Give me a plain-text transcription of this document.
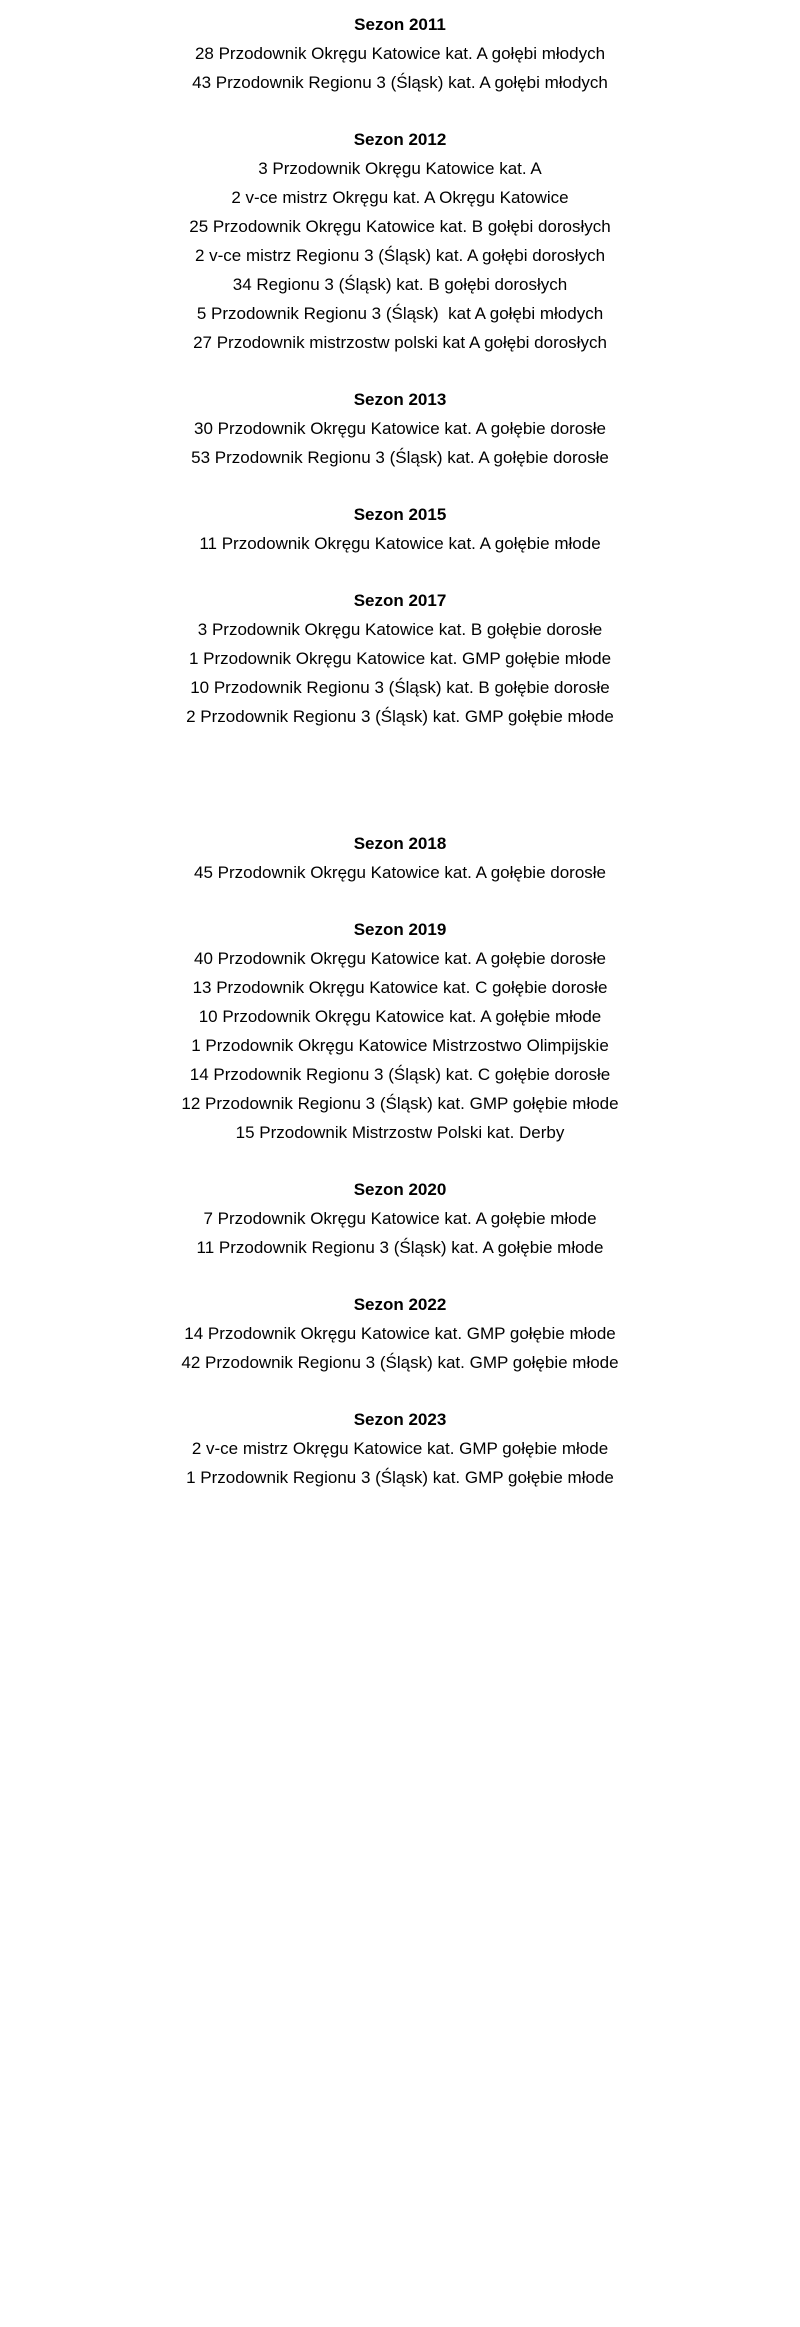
Sezon 2011

28 Przodownik Okręgu Katowice kat. A gołębi młodych

43 Przodownik Regionu 3 (Śląsk) kat. A gołębi młodych

Sezon 2012

3 Przodownik Okręgu Katowice kat. A

2 v-ce mistrz Okręgu kat. A Okręgu Katowice

25 Przodownik Okręgu Katowice kat. B gołębi dorosłych

2 v-ce mistrz Regionu 3 (Śląsk) kat. A gołębi dorosłych

34 Regionu 3 (Śląsk) kat. B gołębi dorosłych

5 Przodownik Regionu 3 (Śląsk)  kat A gołębi młodych

27 Przodownik mistrzostw polski kat A gołębi dorosłych

Sezon 2013

30 Przodownik Okręgu Katowice kat. A gołębie dorosłe

53 Przodownik Regionu 3 (Śląsk) kat. A gołębie dorosłe

Sezon 2015

11 Przodownik Okręgu Katowice kat. A gołębie młode

Sezon 2017

3 Przodownik Okręgu Katowice kat. B gołębie dorosłe

1 Przodownik Okręgu Katowice kat. GMP gołębie młode

10 Przodownik Regionu 3 (Śląsk) kat. B gołębie dorosłe

2 Przodownik Regionu 3 (Śląsk) kat. GMP gołębie młode

Sezon 2018

45 Przodownik Okręgu Katowice kat. A gołębie dorosłe

Sezon 2019

40 Przodownik Okręgu Katowice kat. A gołębie dorosłe

13 Przodownik Okręgu Katowice kat. C gołębie dorosłe

10 Przodownik Okręgu Katowice kat. A gołębie młode

1 Przodownik Okręgu Katowice Mistrzostwo Olimpijskie

14 Przodownik Regionu 3 (Śląsk) kat. C gołębie dorosłe

12 Przodownik Regionu 3 (Śląsk) kat. GMP gołębie młode

15 Przodownik Mistrzostw Polski kat. Derby

Sezon 2020

7 Przodownik Okręgu Katowice kat. A gołębie młode

11 Przodownik Regionu 3 (Śląsk) kat. A gołębie młode

Sezon 2022

14 Przodownik Okręgu Katowice kat. GMP gołębie młode

42 Przodownik Regionu 3 (Śląsk) kat. GMP gołębie młode

Sezon 2023

2 v-ce mistrz Okręgu Katowice kat. GMP gołębie młode

1 Przodownik Regionu 3 (Śląsk) kat. GMP gołębie młode
